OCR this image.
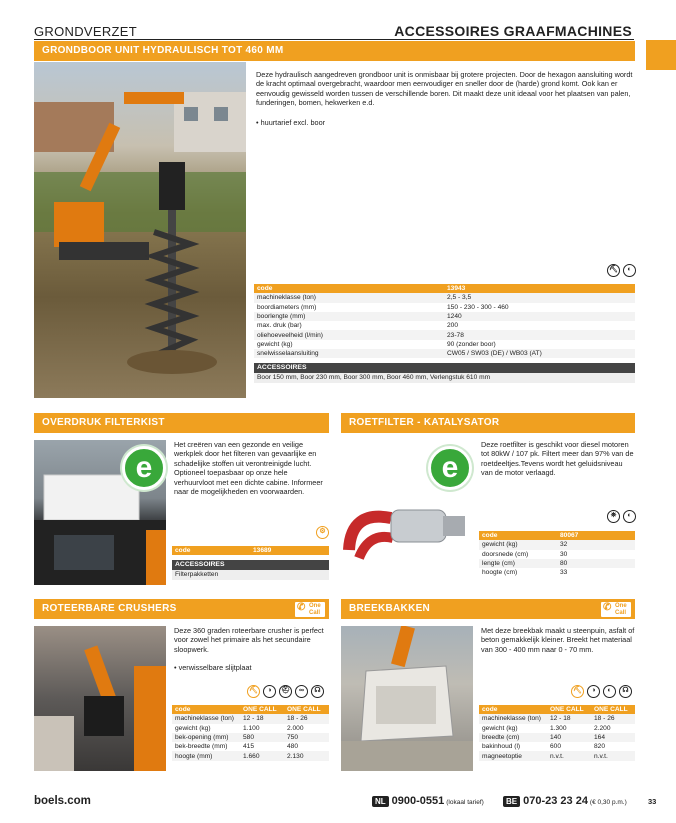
GRONDVERZET	ACCESSOIRES GRAAFMACHINES
GRONDBOOR UNIT HYDRAULISCH TOT 460 MM
Deze hydraulisch aangedreven grondboor unit is onmisbaar bij grotere projecten. Door de hexagon aansluiting wordt de kracht optimaal overgebracht, waardoor men eenvoudiger en sneller door de (harde) grond komt. Ook kan er eenvoudig gewisseld worden tussen de verschillende boren. Dit maakt deze unit ideaal voor het plaatsen van palen, funderingen, bomen, hekwerken e.d.
• huurtarief excl. boor
⛏ ◐
code	13943
machineklasse (ton)	2,5 - 3,5
boordiameters (mm)	150 - 230 - 300 - 460
boorlengte (mm)	1240
max. druk (bar)	200
oliehoeveelheid (l/min)	23-78
gewicht (kg)	90 (zonder boor)
snelwisselaansluiting	CW05 / SW03 (DE) / WB03 (AT)
ACCESSOIRES
Boor 150 mm, Boor 230 mm, Boor 300 mm, Boor 460 mm, Verlengstuk 610 mm
OVERDRUK FILTERKIST
e
Het creëren van een gezonde en veilige werkplek door het filteren van gevaarlijke en schadelijke stoffen uit verontreinigde lucht. Optioneel toepasbaar op onze hele verhuurvloot met een dichte cabine. Informeer naar de mogelijkheden en voorwaarden.
⚙
code	13689
ACCESSOIRES
Filterpakketten
ROETFILTER - KATALYSATOR
e
Deze roetfilter is geschikt voor diesel motoren tot 80kW / 107 pk. Filtert meer dan 97% van de roetdeeltjes.Tevens wordt het geluidsniveau van de motor verlaagd.
⛯ ◐
code	80067
gewicht (kg)	32
doorsnede (cm)	30
lengte (cm)	80
hoogte (cm)	33
ROTEERBARE CRUSHERS	✆ One Call
Deze 360 graden roteerbare crusher is perfect voor zowel het primaire als het secundaire sloopwerk.
• verwisselbare slijtplaat
⛏ ◑ ⛑ ∞ ☊
code	ONE CALL	ONE CALL
machineklasse (ton)	12 - 18	18 - 26
gewicht (kg)	1.100	2.000
bek-opening (mm)	580	750
bek-breedte (mm)	415	480
hoogte (mm)	1.660	2.130
BREEKBAKKEN	✆ One Call
Met deze breekbak maakt u steenpuin, asfalt of beton gemakkelijk kleiner. Breekt het materiaal van 300 - 400 mm naar 0 - 70 mm.
⛏ ◑ ◐ ☊
code	ONE CALL	ONE CALL
machineklasse (ton)	12 - 18	18 - 26
gewicht (kg)	1.300	2.200
breedte (cm)	140	164
bakinhoud (l)	600	820
magneetoptie	n.v.t.	n.v.t.
boels.com	NL 0900-0551 (lokaal tarief)	BE 070-23 23 24 (€ 0,30 p.m.)	33
